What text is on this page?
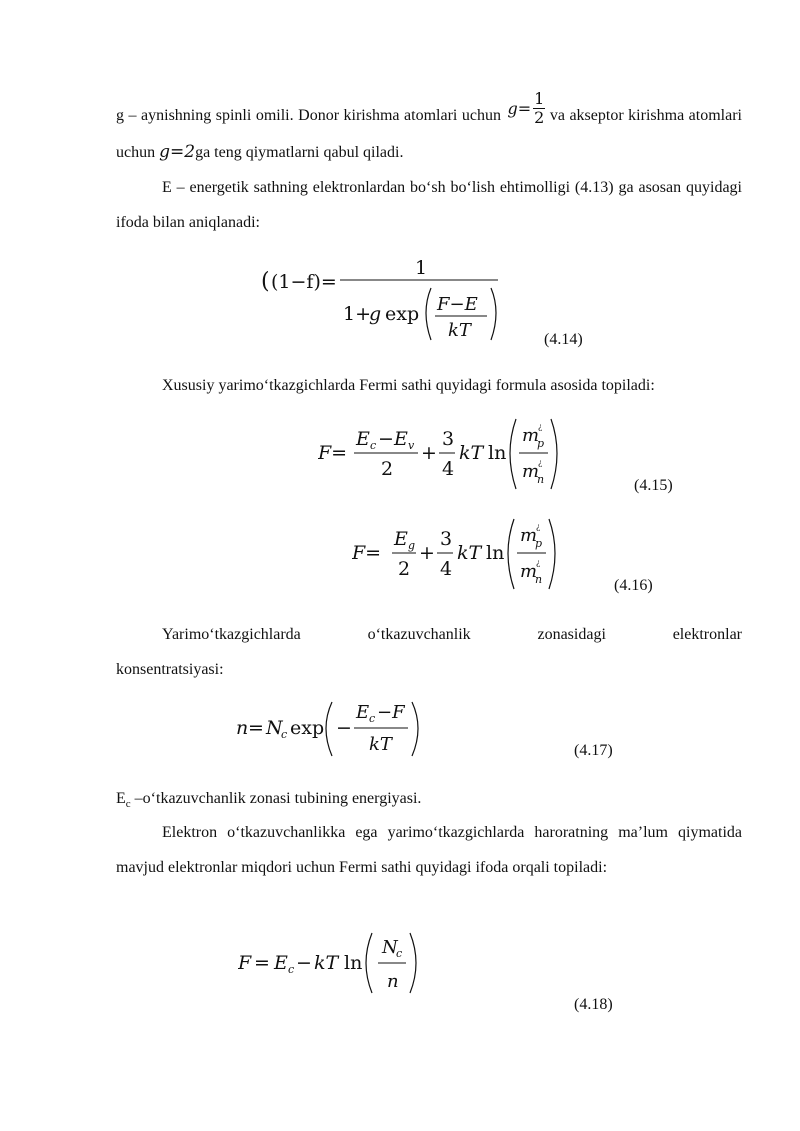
g – aynishning spinli omili. Donor kirishma atomlari uchun $g = \frac{1}{2}$ va akseptor kirishma atomlari uchun g=2ga teng qiymatlarni qabul qiladi.
E – energetik sathning elektronlardan bo‘sh bo‘lish ehtimolligi (4.13) ga asosan quyidagi ifoda bilan aniqlanadi:
( (1−f)=
1
1+
g exp F−E
kT	(4.14)
Xususiy yarimo‘tkazgichlarda Fermi sathi quyidagi formula asosida topiladi:
F=
E c − E v
2
+
3
4
kT ln
m
¿
p
m
¿
n	(4.15)
F=
E g
2
+
3
4
kT ln
m
¿
p
m
¿
n	(4.16)
Yarimo‘tkazgichlarda o‘tkazuvchanlik zonasidagi elektronlar
konsentratsiyasi:
n = N
c exp −
E c −F
kT	(4.17)
$E_c$ –o‘tkazuvchanlik zonasi tubining energiyasi.
Elektron o‘tkazuvchanlikka ega yarimo‘tkazgichlarda haroratning ma’lum qiymatida mavjud elektronlar miqdori uchun Fermi sathi quyidagi ifoda orqali topiladi:
F = E c − kT ln
N
c
n
(4.18)
